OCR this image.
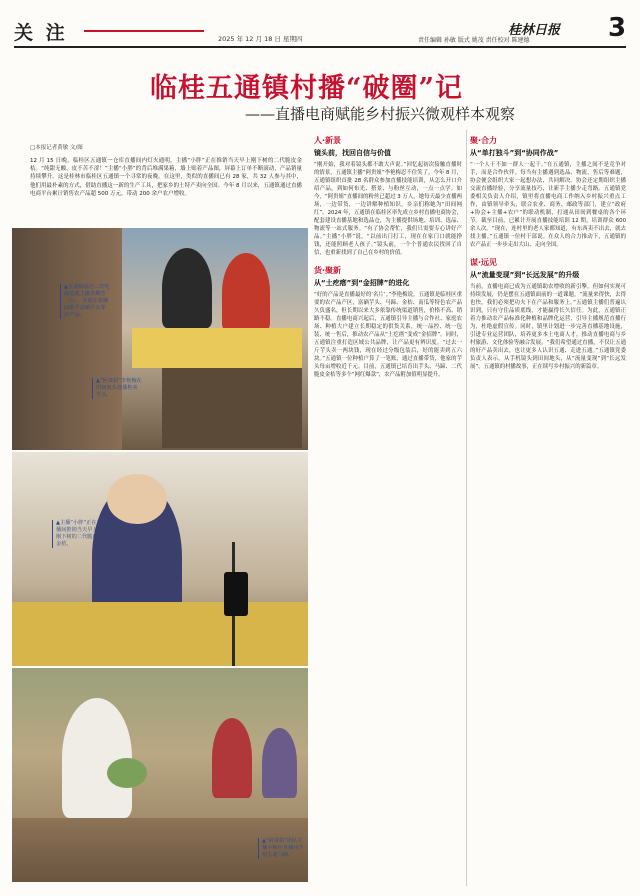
关 注	2025 年 12 月 18 日 星期四	责任编辑 孙敏 版式 姚茂 责任校对 陈建德
桂林日报 3
临桂五通镇村播“破圈”记
——直播电商赋能乡村振兴微观样本观察
□本报记者黄敏 文/图
12 月 15 日晚，临桂区五通镇一仓库直播间内灯火通明，主播“小胖”正在推销当天早上刚下树的二代脆皮金桔。“纯甜无酸，皮不苦不涩！”主播“小胖”的背后堆满果箱，墙上贴着产品图，屏幕上订单不断滚动，产品销量持续攀升。这是桂林市临桂区五通镇一个寻常的夜晚。在这里，类似的直播间已有 28 家，共 32 人参与其中，他们用最朴素的方式，借助直播这一新的生产工具，把家乡的土特产卖向全国。今年 8 月以来，五通镇通过直播电商平台累计销售农产品超 500 万元，带动 200 余户农户增收。
▲五通镇福达三农电商基地主播李琳芳（右）、李延在直播间推介富硒芋头等农产品。
▲“阿贵姐”李艳梅在田间地头直播售卖芋头。
▲主播“小胖”正在直播间推销当天早上刚下树的二代脆皮金桔。
▲“阿贵姐”团队主播小楠在直播间介绍五通马蹄。
人·新景
镜头前，找回自信与价值
“刚开始，我对着镜头都不敢大声说。”回忆起初次接触直播时的情景，五通镇主播“阿贵姐”李艳梅忍不住笑了。今年 8 月，五通镇组织首批 28 名群众参加直播技能培训，从怎么开口介绍产品，到如何布光、搭景、与粉丝互动，一点一点学。如今，“阿贵姐”直播间的粉丝已超过 3 万人，她每天最少直播两场，一边带货，一边讲解种植知识，乡亲们称她为“田间网红”。2024 年，五通镇在临桂区率先成立乡村直播电商协会，配套建设直播基地和选品仓，为主播提供场地、培训、选品、物流等一站式服务。“有了协会帮忙，我们只需要专心讲好产品。”主播“小胖”说，“以前出门打工，现在在家门口就能挣钱，还能照顾老人孩子。”镜头前，一个个普通农民找回了自信，也重新找到了自己在乡村的价值。
货·聚新
从“土疙瘩”到“金招牌”的进化
“好的产品是直播最好的‘名片’。”李艳梅说。五通镇是临桂区重要的农产品产区，富硒芋头、马蹄、金桔、南瓜等特色农产品久负盛名，但长期以来大多依靠传统渠道销售，价格不高、销路不稳。直播电商兴起后，五通镇引导主播与合作社、家庭农场、种植大户建立长期稳定的供货关系，统一品控、统一包装、统一售后，推动农产品从“土疙瘩”变成“金招牌”。同时，五通镇注重打造区域公共品牌，让产品更有辨识度。“过去一斤芋头卖一两块钱，现在经过分级包装后，好的能卖到五六块。”五通镇一位种植户算了一笔账，通过直播带货，他家的芋头每亩增收近千元。目前，五通镇已培育出芋头、马蹄、二代脆皮金桔等多个“网红爆款”，农产品附加值明显提升。
聚·合力
从“单打独斗”到“协同作战”
“一个人干不如一群人一起干。”在五通镇，主播之间不是竞争对手，而是合作伙伴。每当有主播遇到选品、物流、售后等难题，协会便会组织大家一起想办法、共同解决。协会还定期组织主播交流直播经验，分享流量技巧，让新手主播少走弯路。五通镇党委相关负责人介绍，镇里将直播电商工作纳入乡村振兴重点工作，由镇领导牵头，联合农业、商务、邮政等部门，建立“政府+协会+主播+农户”的联动机制，打通从田间到餐桌的各个环节。截至目前，已累计开展直播技能培训 12 期，培训群众 600 余人次。“现在，连村里的老人家都知道，有东西卖不出去，就去找主播。”五通镇一位村干部说。在众人的合力推动下，五通镇的农产品正一步步走出大山、走向全国。
谋·远见
从“流量变现”到“长远发展”的升级
当前，直播电商已成为五通镇助农增收的新引擎，但如何实现可持续发展，仍是摆在五通镇面前的一道课题。“流量来得快，去得也快，我们必须把功夫下在产品和服务上。”五通镇主播们普遍认识到，只有守住品质底线，才能赢得长久信任。为此，五通镇正着力推动农产品标准化种植和品牌化运营，引导主播规范直播行为，杜绝虚假宣传。同时，镇里计划进一步完善直播基地设施，引进专业运营团队，培养更多本土电商人才，推动直播电商与乡村旅游、文化体验等融合发展。“我们希望通过直播，不仅让五通的好产品卖出去，也让更多人认识五通、走进五通。”五通镇党委负责人表示。从手机镜头到田间地头，从“流量变现”到“长远发展”，五通镇的村播故事，正在续写乡村振兴的新篇章。
